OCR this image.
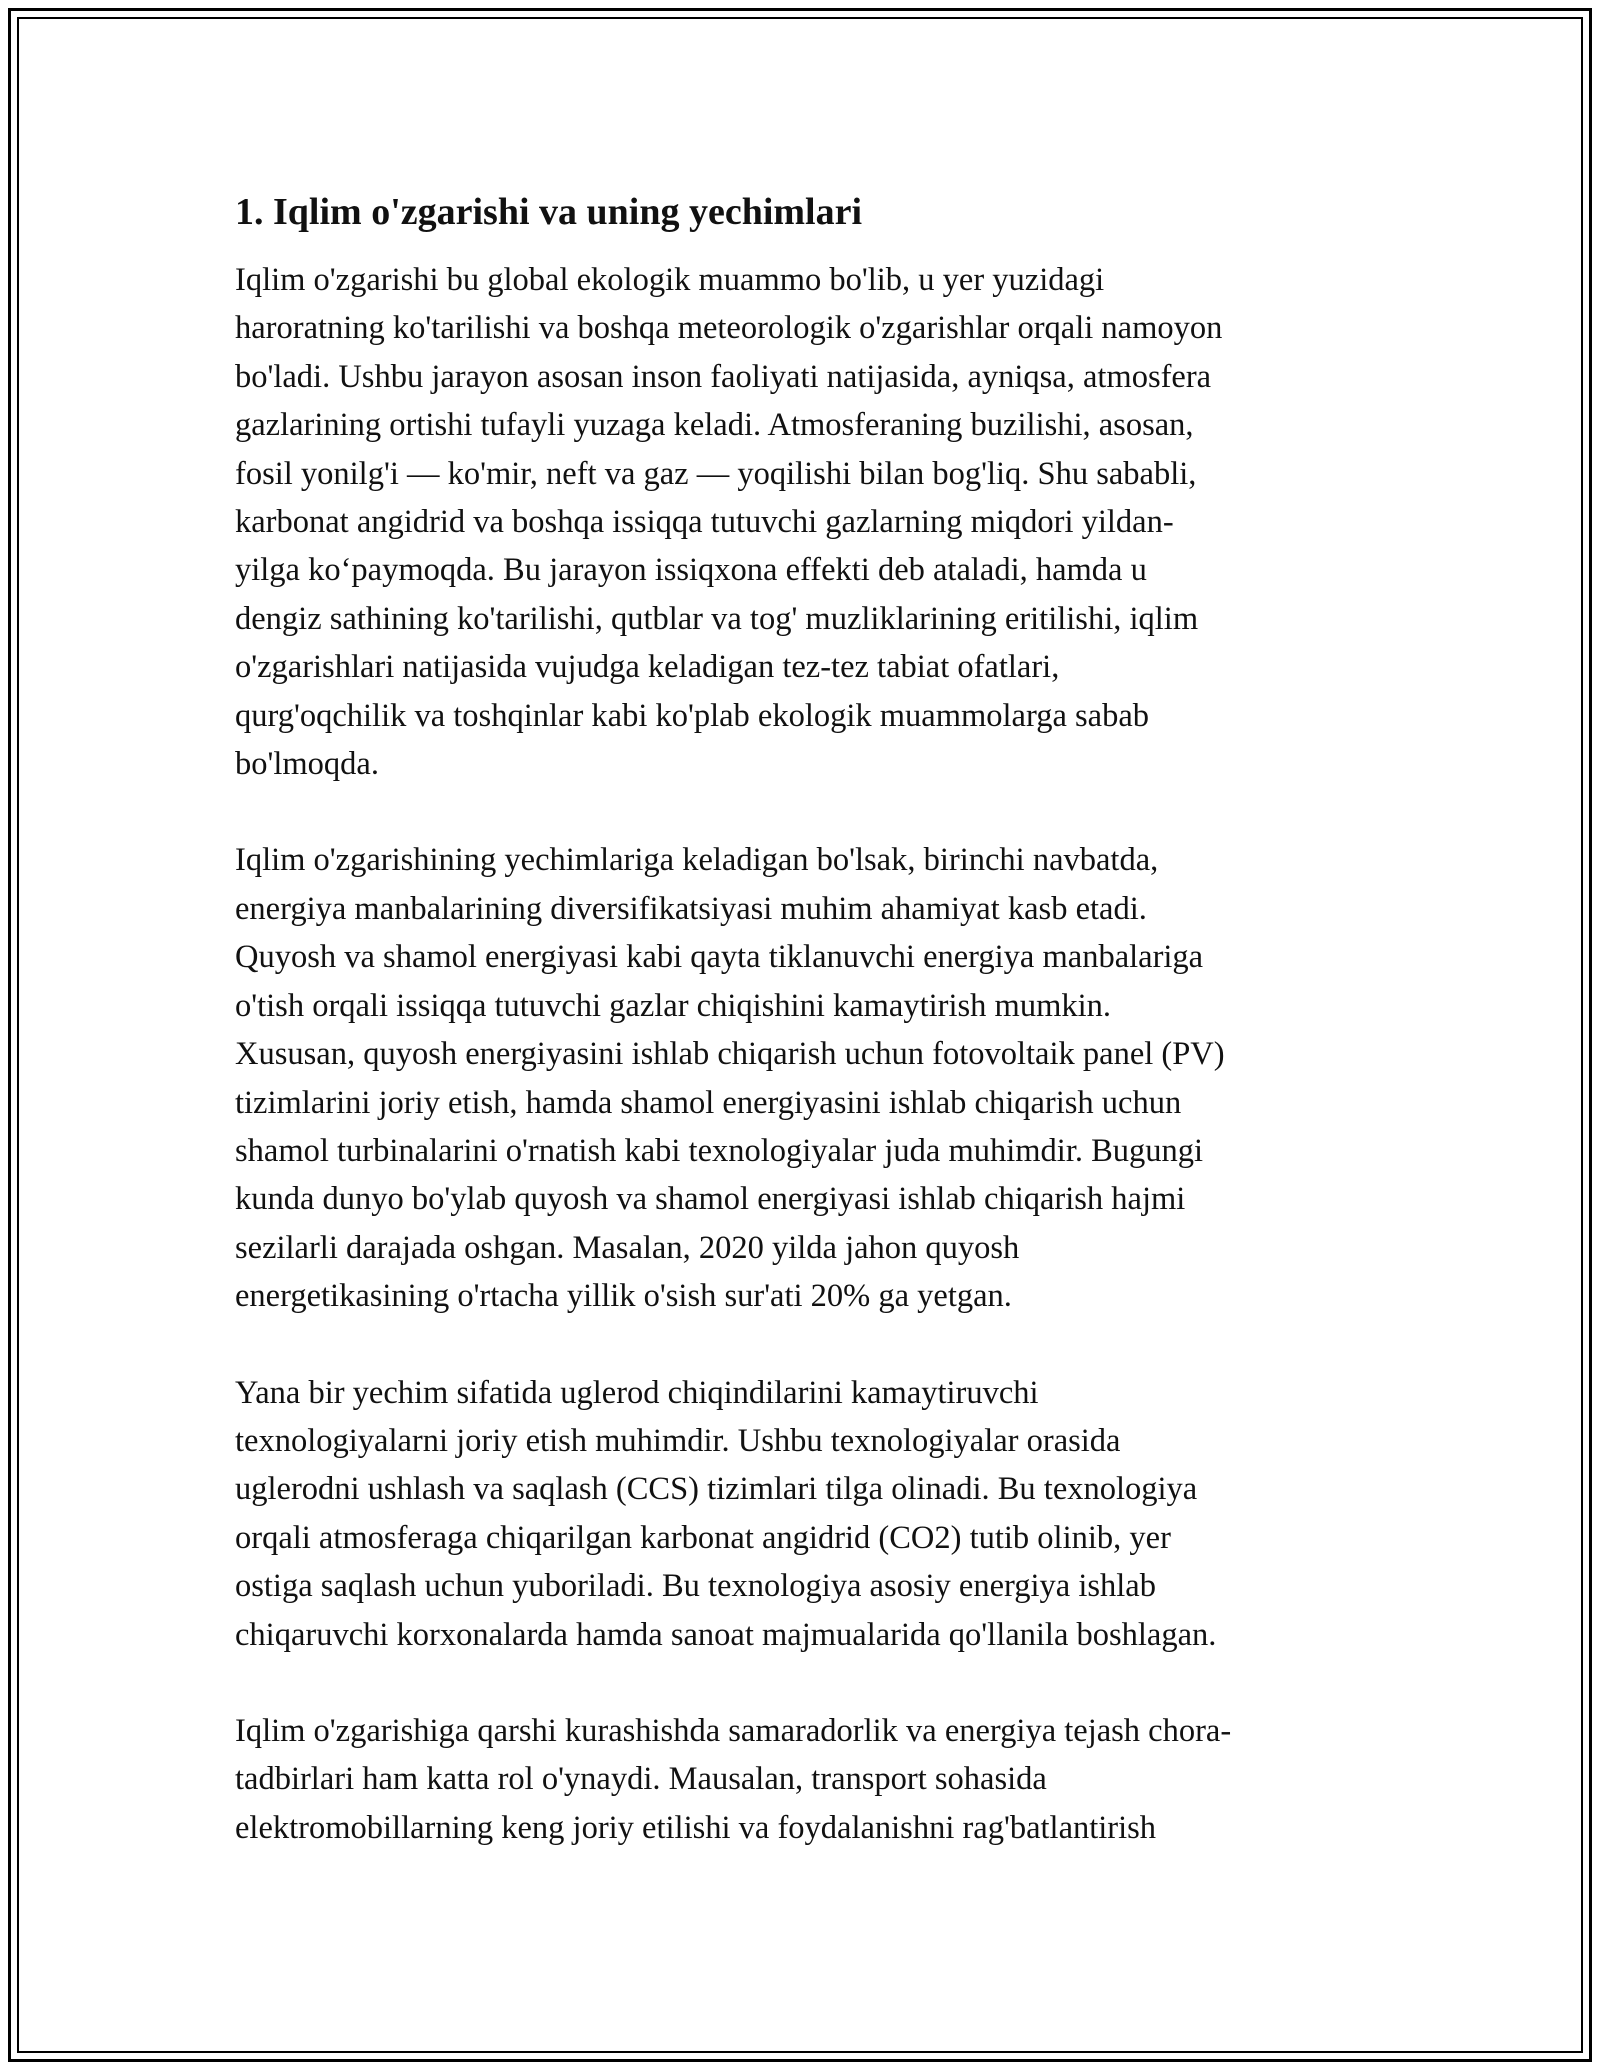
1. Iqlim o'zgarishi va uning yechimlari
Iqlim o'zgarishi bu global ekologik muammo bo'lib, u yer yuzidagi
haroratning ko'tarilishi va boshqa meteorologik o'zgarishlar orqali namoyon
bo'ladi. Ushbu jarayon asosan inson faoliyati natijasida, ayniqsa, atmosfera
gazlarining ortishi tufayli yuzaga keladi. Atmosferaning buzilishi, asosan,
fosil yonilg'i — ko'mir, neft va gaz — yoqilishi bilan bog'liq. Shu sababli,
karbonat angidrid va boshqa issiqqa tutuvchi gazlarning miqdori yildan-
yilga ko‘paymoqda. Bu jarayon issiqxona effekti deb ataladi, hamda u
dengiz sathining ko'tarilishi, qutblar va tog' muzliklarining eritilishi, iqlim
o'zgarishlari natijasida vujudga keladigan tez-tez tabiat ofatlari,
qurg'oqchilik va toshqinlar kabi ko'plab ekologik muammolarga sabab
bo'lmoqda.
Iqlim o'zgarishining yechimlariga keladigan bo'lsak, birinchi navbatda,
energiya manbalarining diversifikatsiyasi muhim ahamiyat kasb etadi.
Quyosh va shamol energiyasi kabi qayta tiklanuvchi energiya manbalariga
o'tish orqali issiqqa tutuvchi gazlar chiqishini kamaytirish mumkin.
Xususan, quyosh energiyasini ishlab chiqarish uchun fotovoltaik panel (PV)
tizimlarini joriy etish, hamda shamol energiyasini ishlab chiqarish uchun
shamol turbinalarini o'rnatish kabi texnologiyalar juda muhimdir. Bugungi
kunda dunyo bo'ylab quyosh va shamol energiyasi ishlab chiqarish hajmi
sezilarli darajada oshgan. Masalan, 2020 yilda jahon quyosh
energetikasining o'rtacha yillik o'sish sur'ati 20% ga yetgan.
Yana bir yechim sifatida uglerod chiqindilarini kamaytiruvchi
texnologiyalarni joriy etish muhimdir. Ushbu texnologiyalar orasida
uglerodni ushlash va saqlash (CCS) tizimlari tilga olinadi. Bu texnologiya
orqali atmosferaga chiqarilgan karbonat angidrid (CO2) tutib olinib, yer
ostiga saqlash uchun yuboriladi. Bu texnologiya asosiy energiya ishlab
chiqaruvchi korxonalarda hamda sanoat majmualarida qo'llanila boshlagan.
Iqlim o'zgarishiga qarshi kurashishda samaradorlik va energiya tejash chora-
tadbirlari ham katta rol o'ynaydi. Mausalan, transport sohasida
elektromobillarning keng joriy etilishi va foydalanishni rag'batlantirish
